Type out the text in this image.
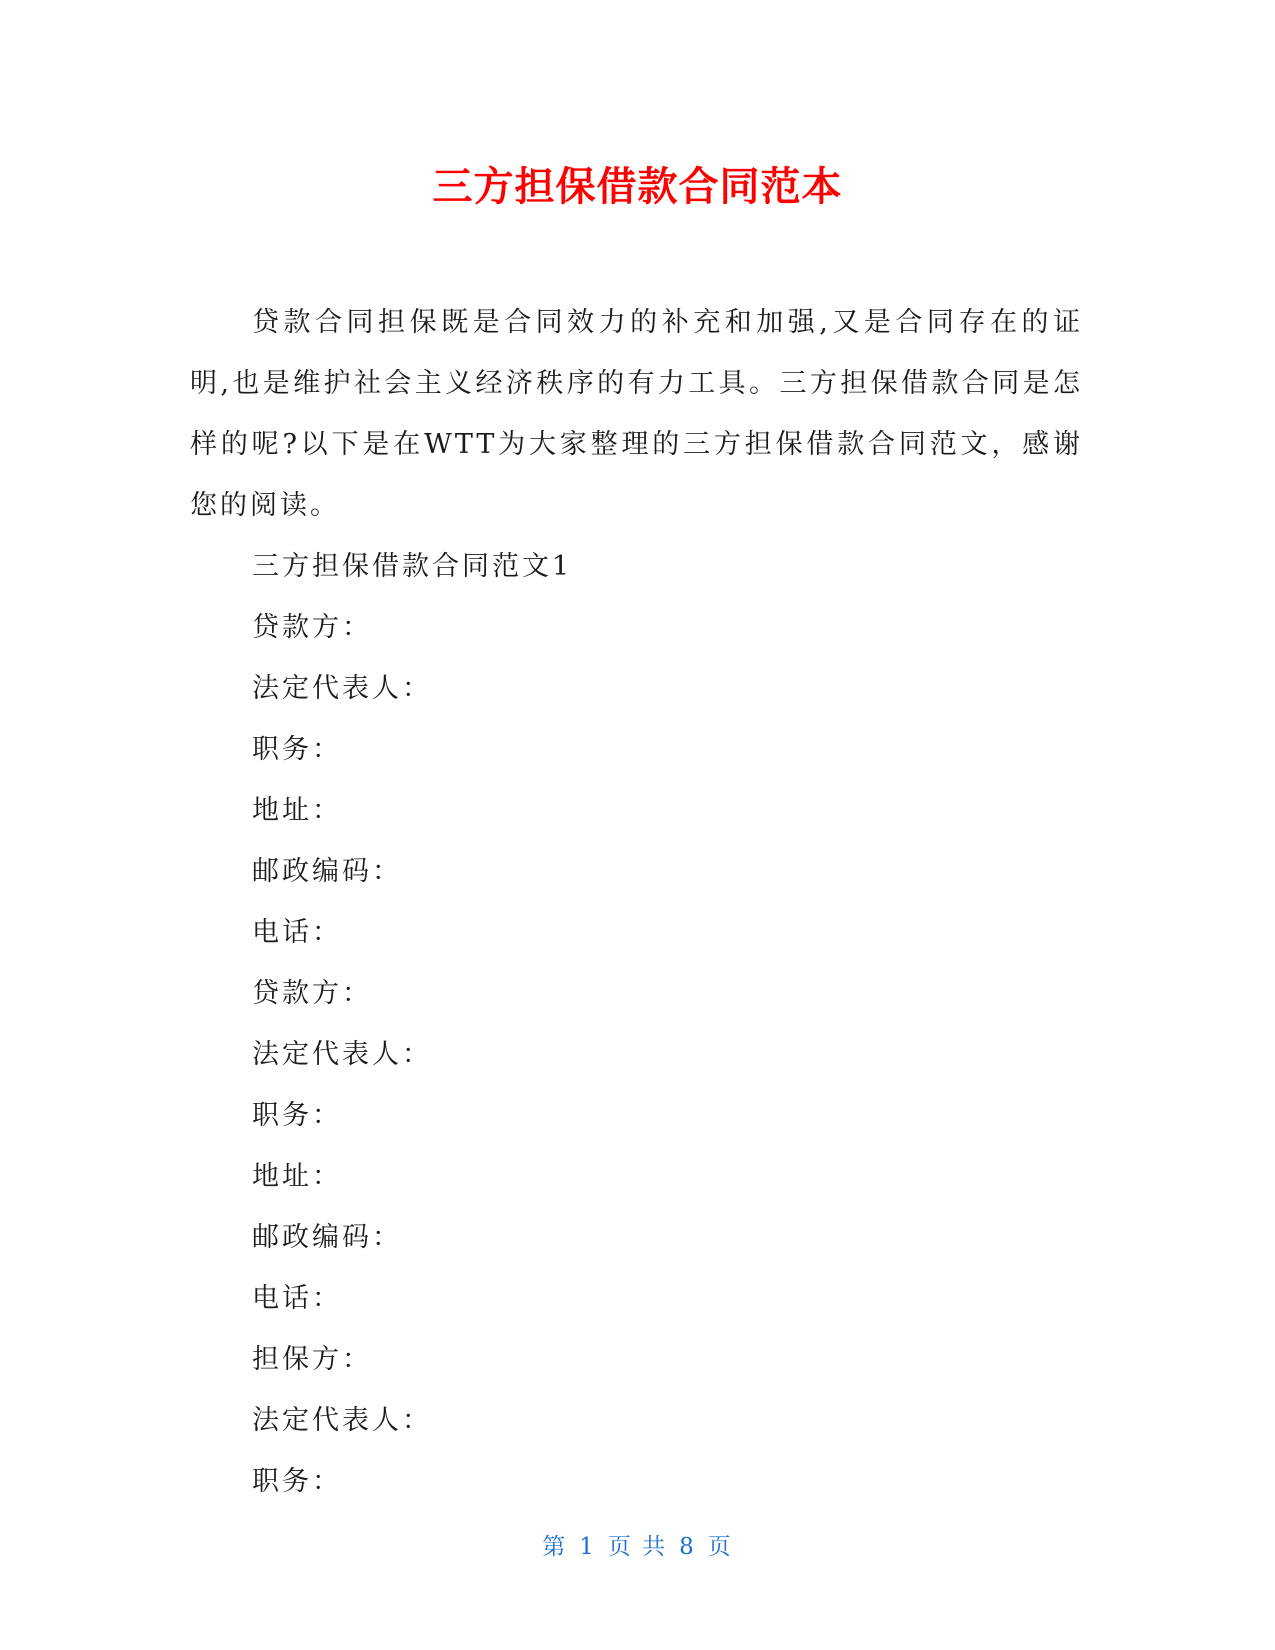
三方担保借款合同范本

贷款合同担保既是合同效力的补充和加强,又是合同存在的证明,也是维护社会主义经济秩序的有力工具。三方担保借款合同是怎样的呢?以下是在WTT为大家整理的三方担保借款合同范文，感谢您的阅读。

三方担保借款合同范文1

贷款方：

法定代表人：

职务：

地址：

邮政编码：

电话：

贷款方：

法定代表人：

职务：

地址：

邮政编码：

电话：

担保方：

法定代表人：

职务：

第 1 页 共 8 页
